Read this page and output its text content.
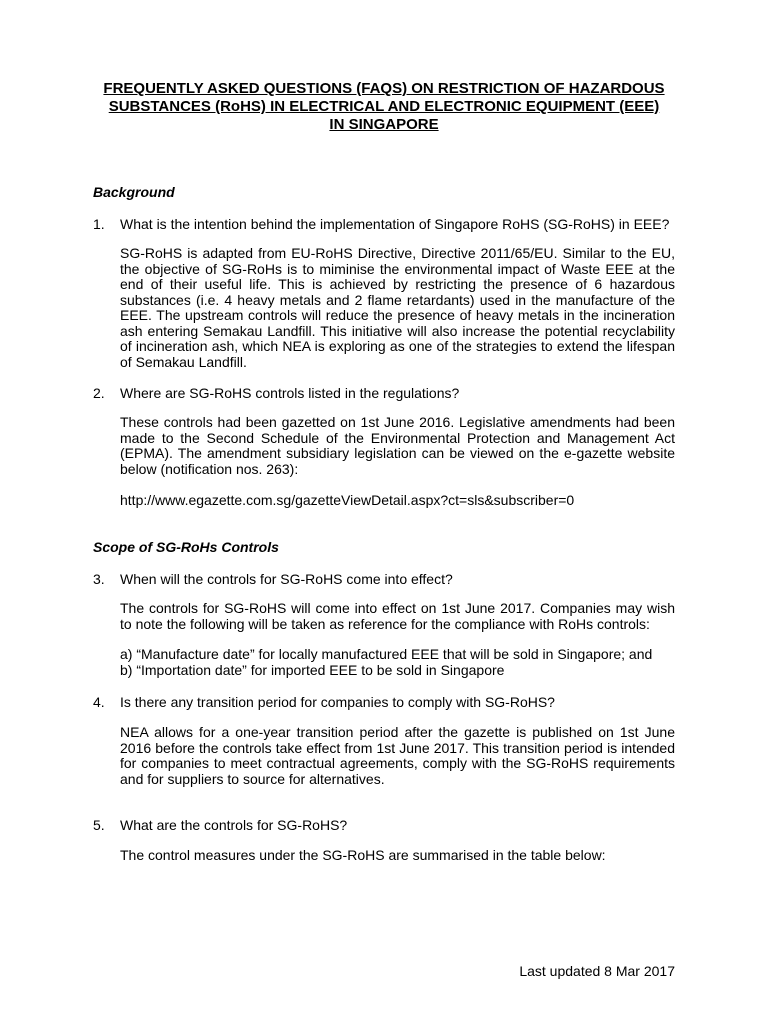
FREQUENTLY ASKED QUESTIONS (FAQS) ON RESTRICTION OF HAZARDOUS SUBSTANCES (RoHS) IN ELECTRICAL AND ELECTRONIC EQUIPMENT (EEE) IN SINGAPORE
Background
1. What is the intention behind the implementation of Singapore RoHS (SG-RoHS) in EEE?
SG-RoHS is adapted from EU-RoHS Directive, Directive 2011/65/EU. Similar to the EU, the objective of SG-RoHs is to miminise the environmental impact of Waste EEE at the end of their useful life. This is achieved by restricting the presence of 6 hazardous substances (i.e. 4 heavy metals and 2 flame retardants) used in the manufacture of the EEE. The upstream controls will reduce the presence of heavy metals in the incineration ash entering Semakau Landfill. This initiative will also increase the potential recyclability of incineration ash, which NEA is exploring as one of the strategies to extend the lifespan of Semakau Landfill.
2. Where are SG-RoHS controls listed in the regulations?
These controls had been gazetted on 1st June 2016. Legislative amendments had been made to the Second Schedule of the Environmental Protection and Management Act (EPMA). The amendment subsidiary legislation can be viewed on the e-gazette website below (notification nos. 263):
http://www.egazette.com.sg/gazetteViewDetail.aspx?ct=sls&subscriber=0
Scope of SG-RoHs Controls
3. When will the controls for SG-RoHS come into effect?
The controls for SG-RoHS will come into effect on 1st June 2017. Companies may wish to note the following will be taken as reference for the compliance with RoHs controls:
a) “Manufacture date” for locally manufactured EEE that will be sold in Singapore; and
b) “Importation date” for imported EEE to be sold in Singapore
4. Is there any transition period for companies to comply with SG-RoHS?
NEA allows for a one-year transition period after the gazette is published on 1st June 2016 before the controls take effect from 1st June 2017. This transition period is intended for companies to meet contractual agreements, comply with the SG-RoHS requirements and for suppliers to source for alternatives.
5. What are the controls for SG-RoHS?
The control measures under the SG-RoHS are summarised in the table below:
Last updated 8 Mar 2017
